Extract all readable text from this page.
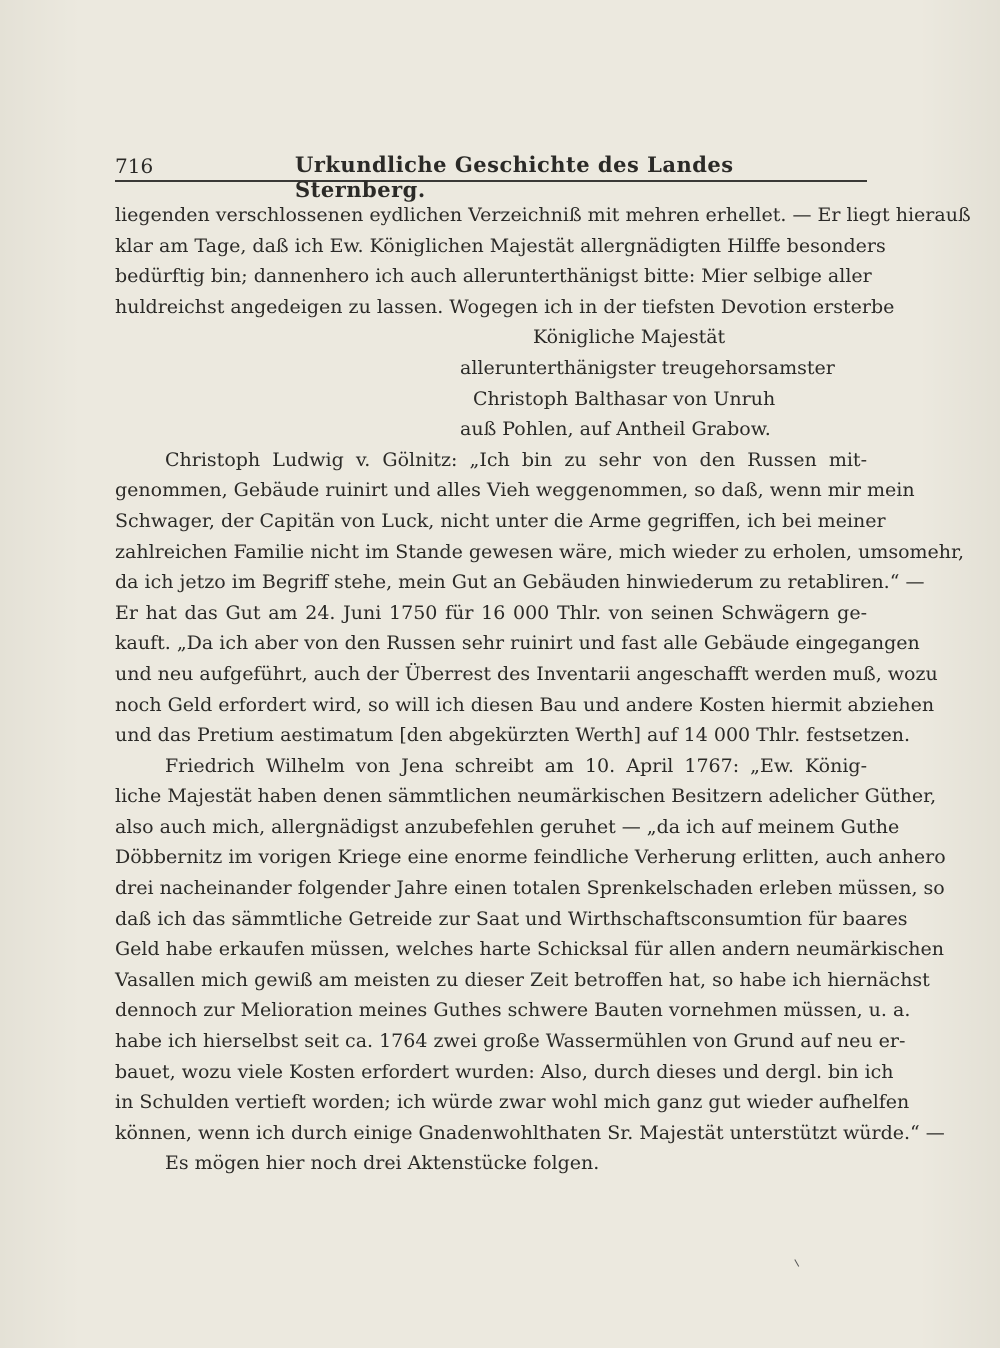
716	Urkundliche Geschichte des Landes Sternberg.
liegenden verschlossenen eydlichen Verzeichniß mit mehren erhellet. — Er liegt hierauß
klar am Tage, daß ich Ew. Königlichen Majestät allergnädigten Hilffe besonders
bedürftig bin; dannenhero ich auch allerunterthänigst bitte: Mier selbige aller
huldreichst angedeigen zu lassen. Wogegen ich in der tiefsten Devotion ersterbe
Königliche Majestät
allerunterthänigster treugehorsamster
Christoph Balthasar von Unruh
auß Pohlen, auf Antheil Grabow.
Christoph Ludwig v. Gölnitz: „Ich bin zu sehr von den Russen mit-
genommen, Gebäude ruinirt und alles Vieh weggenommen, so daß, wenn mir mein
Schwager, der Capitän von Luck, nicht unter die Arme gegriffen, ich bei meiner
zahlreichen Familie nicht im Stande gewesen wäre, mich wieder zu erholen, umsomehr,
da ich jetzo im Begriff stehe, mein Gut an Gebäuden hinwiederum zu retabliren.“ —
Er hat das Gut am 24. Juni 1750 für 16 000 Thlr. von seinen Schwägern ge-
kauft. „Da ich aber von den Russen sehr ruinirt und fast alle Gebäude eingegangen
und neu aufgeführt, auch der Überrest des Inventarii angeschafft werden muß, wozu
noch Geld erfordert wird, so will ich diesen Bau und andere Kosten hiermit abziehen
und das Pretium aestimatum [den abgekürzten Werth] auf 14 000 Thlr. festsetzen.
Friedrich Wilhelm von Jena schreibt am 10. April 1767: „Ew. König-
liche Majestät haben denen sämmtlichen neumärkischen Besitzern adelicher Güther,
also auch mich, allergnädigst anzubefehlen geruhet — „da ich auf meinem Guthe
Döbbernitz im vorigen Kriege eine enorme feindliche Verherung erlitten, auch anhero
drei nacheinander folgender Jahre einen totalen Sprenkelschaden erleben müssen, so
daß ich das sämmtliche Getreide zur Saat und Wirthschaftsconsumtion für baares
Geld habe erkaufen müssen, welches harte Schicksal für allen andern neumärkischen
Vasallen mich gewiß am meisten zu dieser Zeit betroffen hat, so habe ich hiernächst
dennoch zur Melioration meines Guthes schwere Bauten vornehmen müssen, u. a.
habe ich hierselbst seit ca. 1764 zwei große Wassermühlen von Grund auf neu er-
bauet, wozu viele Kosten erfordert wurden: Also, durch dieses und dergl. bin ich
in Schulden vertieft worden; ich würde zwar wohl mich ganz gut wieder aufhelfen
können, wenn ich durch einige Gnadenwohlthaten Sr. Majestät unterstützt würde.“ —
Es mögen hier noch drei Aktenstücke folgen.
